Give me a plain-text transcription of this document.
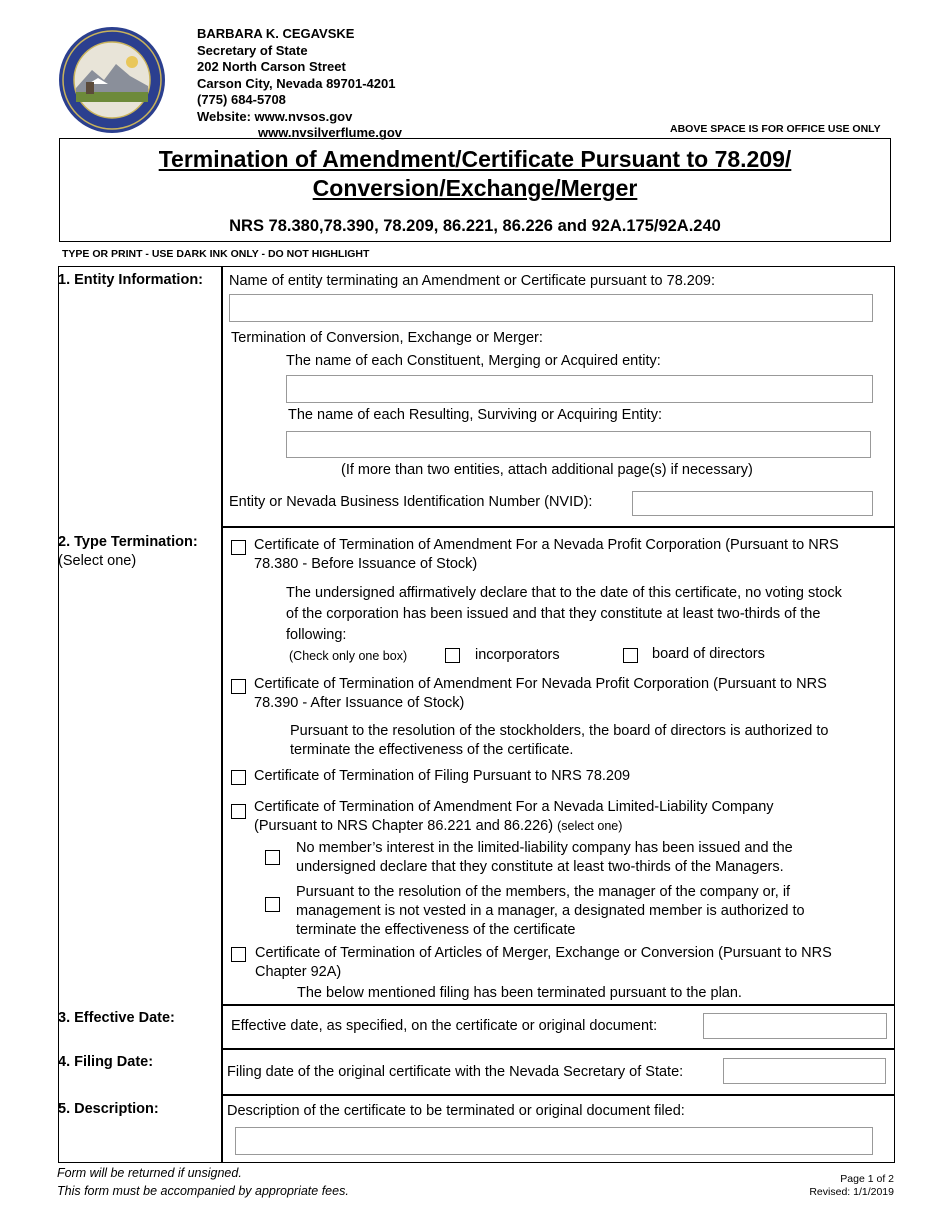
BARBARA K. CEGAVSKE
Secretary of State
202 North Carson Street
Carson City, Nevada 89701-4201
(775) 684-5708
Website: www.nvsos.gov
www.nvsilverflume.gov	ABOVE SPACE IS FOR OFFICE USE ONLY
Termination of Amendment/Certificate Pursuant to 78.209/
Conversion/Exchange/Merger
NRS 78.380,78.390, 78.209, 86.221, 86.226 and 92A.175/92A.240
TYPE OR PRINT - USE DARK INK ONLY - DO NOT HIGHLIGHT
1. Entity Information: Name of entity terminating an Amendment or Certificate pursuant to 78.209:
Termination of Conversion, Exchange or Merger:
The name of each Constituent, Merging or Acquired entity:
The name of each Resulting, Surviving or Acquiring Entity:
(If more than two entities, attach additional page(s) if necessary)
Entity or Nevada Business Identification Number (NVID):
2. Type Termination:
(Select one)
Certificate of Termination of Amendment For a Nevada Profit Corporation (Pursuant to NRS
78.380 - Before Issuance of Stock)
The undersigned affirmatively declare that to the date of this certificate, no voting stock
of the corporation has been issued and that they constitute at least two-thirds of the
following:
(Check only one box)	incorporators	board of directors
Certificate of Termination of Amendment For Nevada Profit Corporation (Pursuant to NRS
78.390 - After Issuance of Stock)
Pursuant to the resolution of the stockholders, the board of directors is authorized to
terminate the effectiveness of the certificate.
Certificate of Termination of Filing Pursuant to NRS 78.209
Certificate of Termination of Amendment For a Nevada Limited-Liability Company
(Pursuant to NRS Chapter 86.221 and 86.226) (select one)
No member’s interest in the limited-liability company has been issued and the
undersigned declare that they constitute at least two-thirds of the Managers.
Pursuant to the resolution of the members, the manager of the company or, if
management is not vested in a manager, a designated member is authorized to
terminate the effectiveness of the certificate
Certificate of Termination of Articles of Merger, Exchange or Conversion (Pursuant to NRS
Chapter 92A)
The below mentioned filing has been terminated pursuant to the plan.
3. Effective Date:	Effective date, as specified, on the certificate or original document:
4. Filing Date:
Filing date of the original certificate with the Nevada Secretary of State:
5. Description:	Description of the certificate to be terminated or original document filed:
Form will be returned if unsigned.
This form must be accompanied by appropriate fees.
Page 1 of 2
Revised: 1/1/2019
